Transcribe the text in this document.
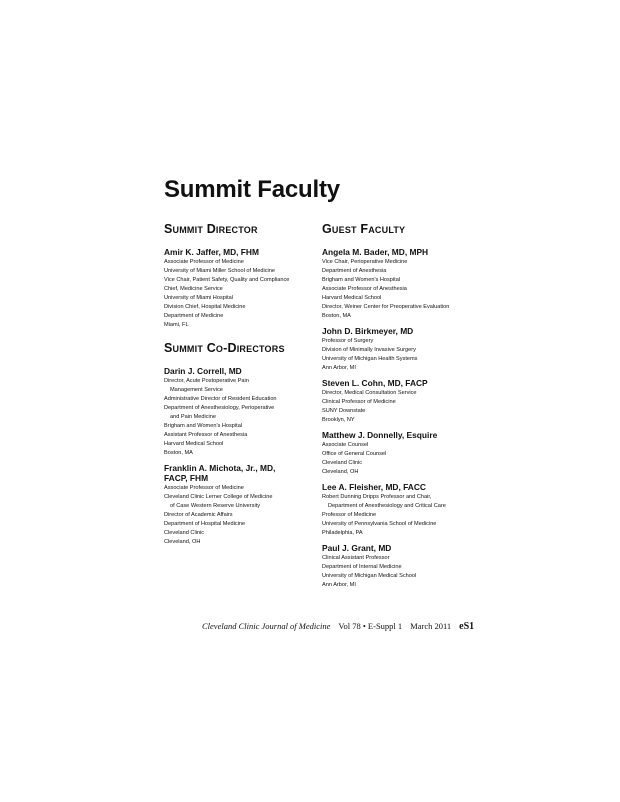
Summit Faculty
Summit Director
Amir K. Jaffer, MD, FHM
Associate Professor of Medicine
University of Miami Miller School of Medicine
Vice Chair, Patient Safety, Quality and Compliance
Chief, Medicine Service
University of Miami Hospital
Division Chief, Hospital Medicine
Department of Medicine
Miami, FL
Summit Co-Directors
Darin J. Correll, MD
Director, Acute Postoperative Pain
Management Service
Administrative Director of Resident Education
Department of Anesthesiology, Perioperative
and Pain Medicine
Brigham and Women's Hospital
Assistant Professor of Anesthesia
Harvard Medical School
Boston, MA
Franklin A. Michota, Jr., MD,
FACP, FHM
Associate Professor of Medicine
Cleveland Clinic Lerner College of Medicine
of Case Western Reserve University
Director of Academic Affairs
Department of Hospital Medicine
Cleveland Clinic
Cleveland, OH
Guest Faculty
Angela M. Bader, MD, MPH
Vice Chair, Perioperative Medicine
Department of Anesthesia
Brigham and Women's Hospital
Associate Professor of Anesthesia
Harvard Medical School
Director, Weiner Center for Preoperative Evaluation
Boston, MA
John D. Birkmeyer, MD
Professor of Surgery
Division of Minimally Invasive Surgery
University of Michigan Health Systems
Ann Arbor, MI
Steven L. Cohn, MD, FACP
Director, Medical Consultation Service
Clinical Professor of Medicine
SUNY Downstate
Brooklyn, NY
Matthew J. Donnelly, Esquire
Associate Counsel
Office of General Counsel
Cleveland Clinic
Cleveland, OH
Lee A. Fleisher, MD, FACC
Robert Dunning Dripps Professor and Chair,
Department of Anesthesiology and Critical Care
Professor of Medicine
University of Pennsylvania School of Medicine
Philadelphia, PA
Paul J. Grant, MD
Clinical Assistant Professor
Department of Internal Medicine
University of Michigan Medical School
Ann Arbor, MI
Cleveland Clinic Journal of Medicine Vol 78 • E-Suppl 1 March 2011 eS1
